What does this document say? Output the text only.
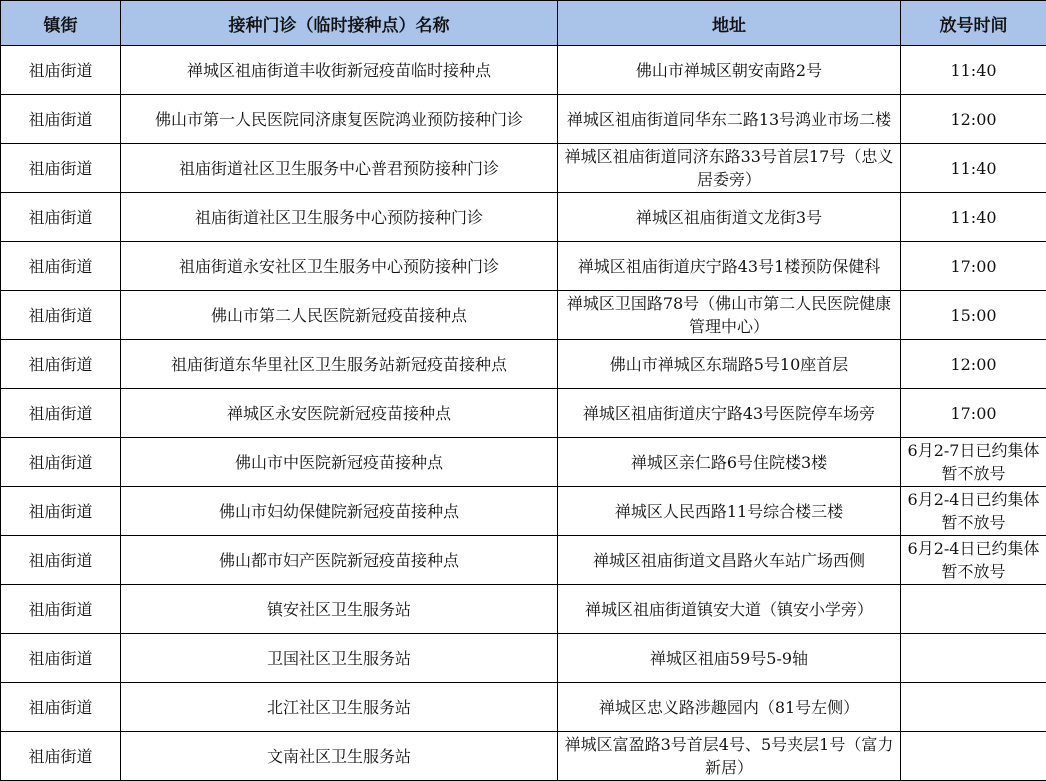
镇街	接种门诊（临时接种点）名称	地址	放号时间
祖庙街道	禅城区祖庙街道丰收街新冠疫苗临时接种点	佛山市禅城区朝安南路2号	11:40
祖庙街道	佛山市第一人民医院同济康复医院鸿业预防接种门诊	禅城区祖庙街道同华东二路13号鸿业市场二楼	12:00
祖庙街道	祖庙街道社区卫生服务中心普君预防接种门诊	禅城区祖庙街道同济东路33号首层17号（忠义居委旁）	11:40
祖庙街道	祖庙街道社区卫生服务中心预防接种门诊	禅城区祖庙街道文龙街3号	11:40
祖庙街道	祖庙街道永安社区卫生服务中心预防接种门诊	禅城区祖庙街道庆宁路43号1楼预防保健科	17:00
祖庙街道	佛山市第二人民医院新冠疫苗接种点	禅城区卫国路78号（佛山市第二人民医院健康管理中心）	15:00
祖庙街道	祖庙街道东华里社区卫生服务站新冠疫苗接种点	佛山市禅城区东瑞路5号10座首层	12:00
祖庙街道	禅城区永安医院新冠疫苗接种点	禅城区祖庙街道庆宁路43号医院停车场旁	17:00
祖庙街道	佛山市中医院新冠疫苗接种点	禅城区亲仁路6号住院楼3楼	6月2-7日已约集体暂不放号
祖庙街道	佛山市妇幼保健院新冠疫苗接种点	禅城区人民西路11号综合楼三楼	6月2-4日已约集体暂不放号
祖庙街道	佛山都市妇产医院新冠疫苗接种点	禅城区祖庙街道文昌路火车站广场西侧	6月2-4日已约集体暂不放号
祖庙街道	镇安社区卫生服务站	禅城区祖庙街道镇安大道（镇安小学旁）	
祖庙街道	卫国社区卫生服务站	禅城区祖庙59号5-9轴	
祖庙街道	北江社区卫生服务站	禅城区忠义路涉趣园内（81号左侧）	
祖庙街道	文南社区卫生服务站	禅城区富盈路3号首层4号、5号夹层1号（富力新居）	
